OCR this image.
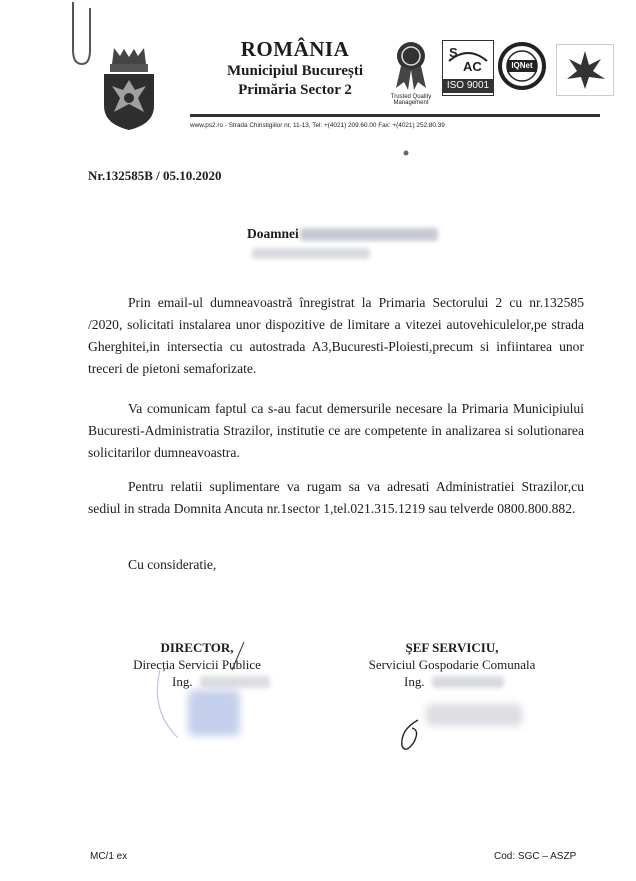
ROMÂNIA
Municipiul București
Primăria Sector 2	Trusted Quality Management
S
AC
ISO 9001
IQNet
www.ps2.ro - Strada Chiristigiilor nr. 11-13, Tel: +(4021) 209.60.00 Fax: +(4021) 252.80.39
Nr.132585B / 05.10.2020
Doamnei

Prin email-ul dumneavoastră înregistrat la Primaria Sectorului 2 cu nr.132585 /2020, solicitati instalarea unor dispozitive de limitare a vitezei autovehiculelor,pe strada Gherghitei,in intersectia cu autostrada A3,Bucuresti-Ploiesti,precum si infiintarea unor treceri de pietoni semaforizate.

Va comunicam faptul ca s-au facut demersurile necesare la Primaria Municipiului Bucuresti-Administratia Strazilor, institutie ce are competente in analizarea si solutionarea solicitarilor dumneavoastra.

Pentru relatii suplimentare va rugam sa va adresati Administratiei Strazilor,cu sediul in strada Domnita Ancuta nr.1sector 1,tel.021.315.1219 sau telverde 0800.800.882.

Cu consideratie,
DIRECTOR,
Direcția Servicii Publice
Ing.
ŞEF SERVICIU,
Serviciul Gospodarie Comunala
Ing.
MC/1 ex	Cod: SGC – ASZP
